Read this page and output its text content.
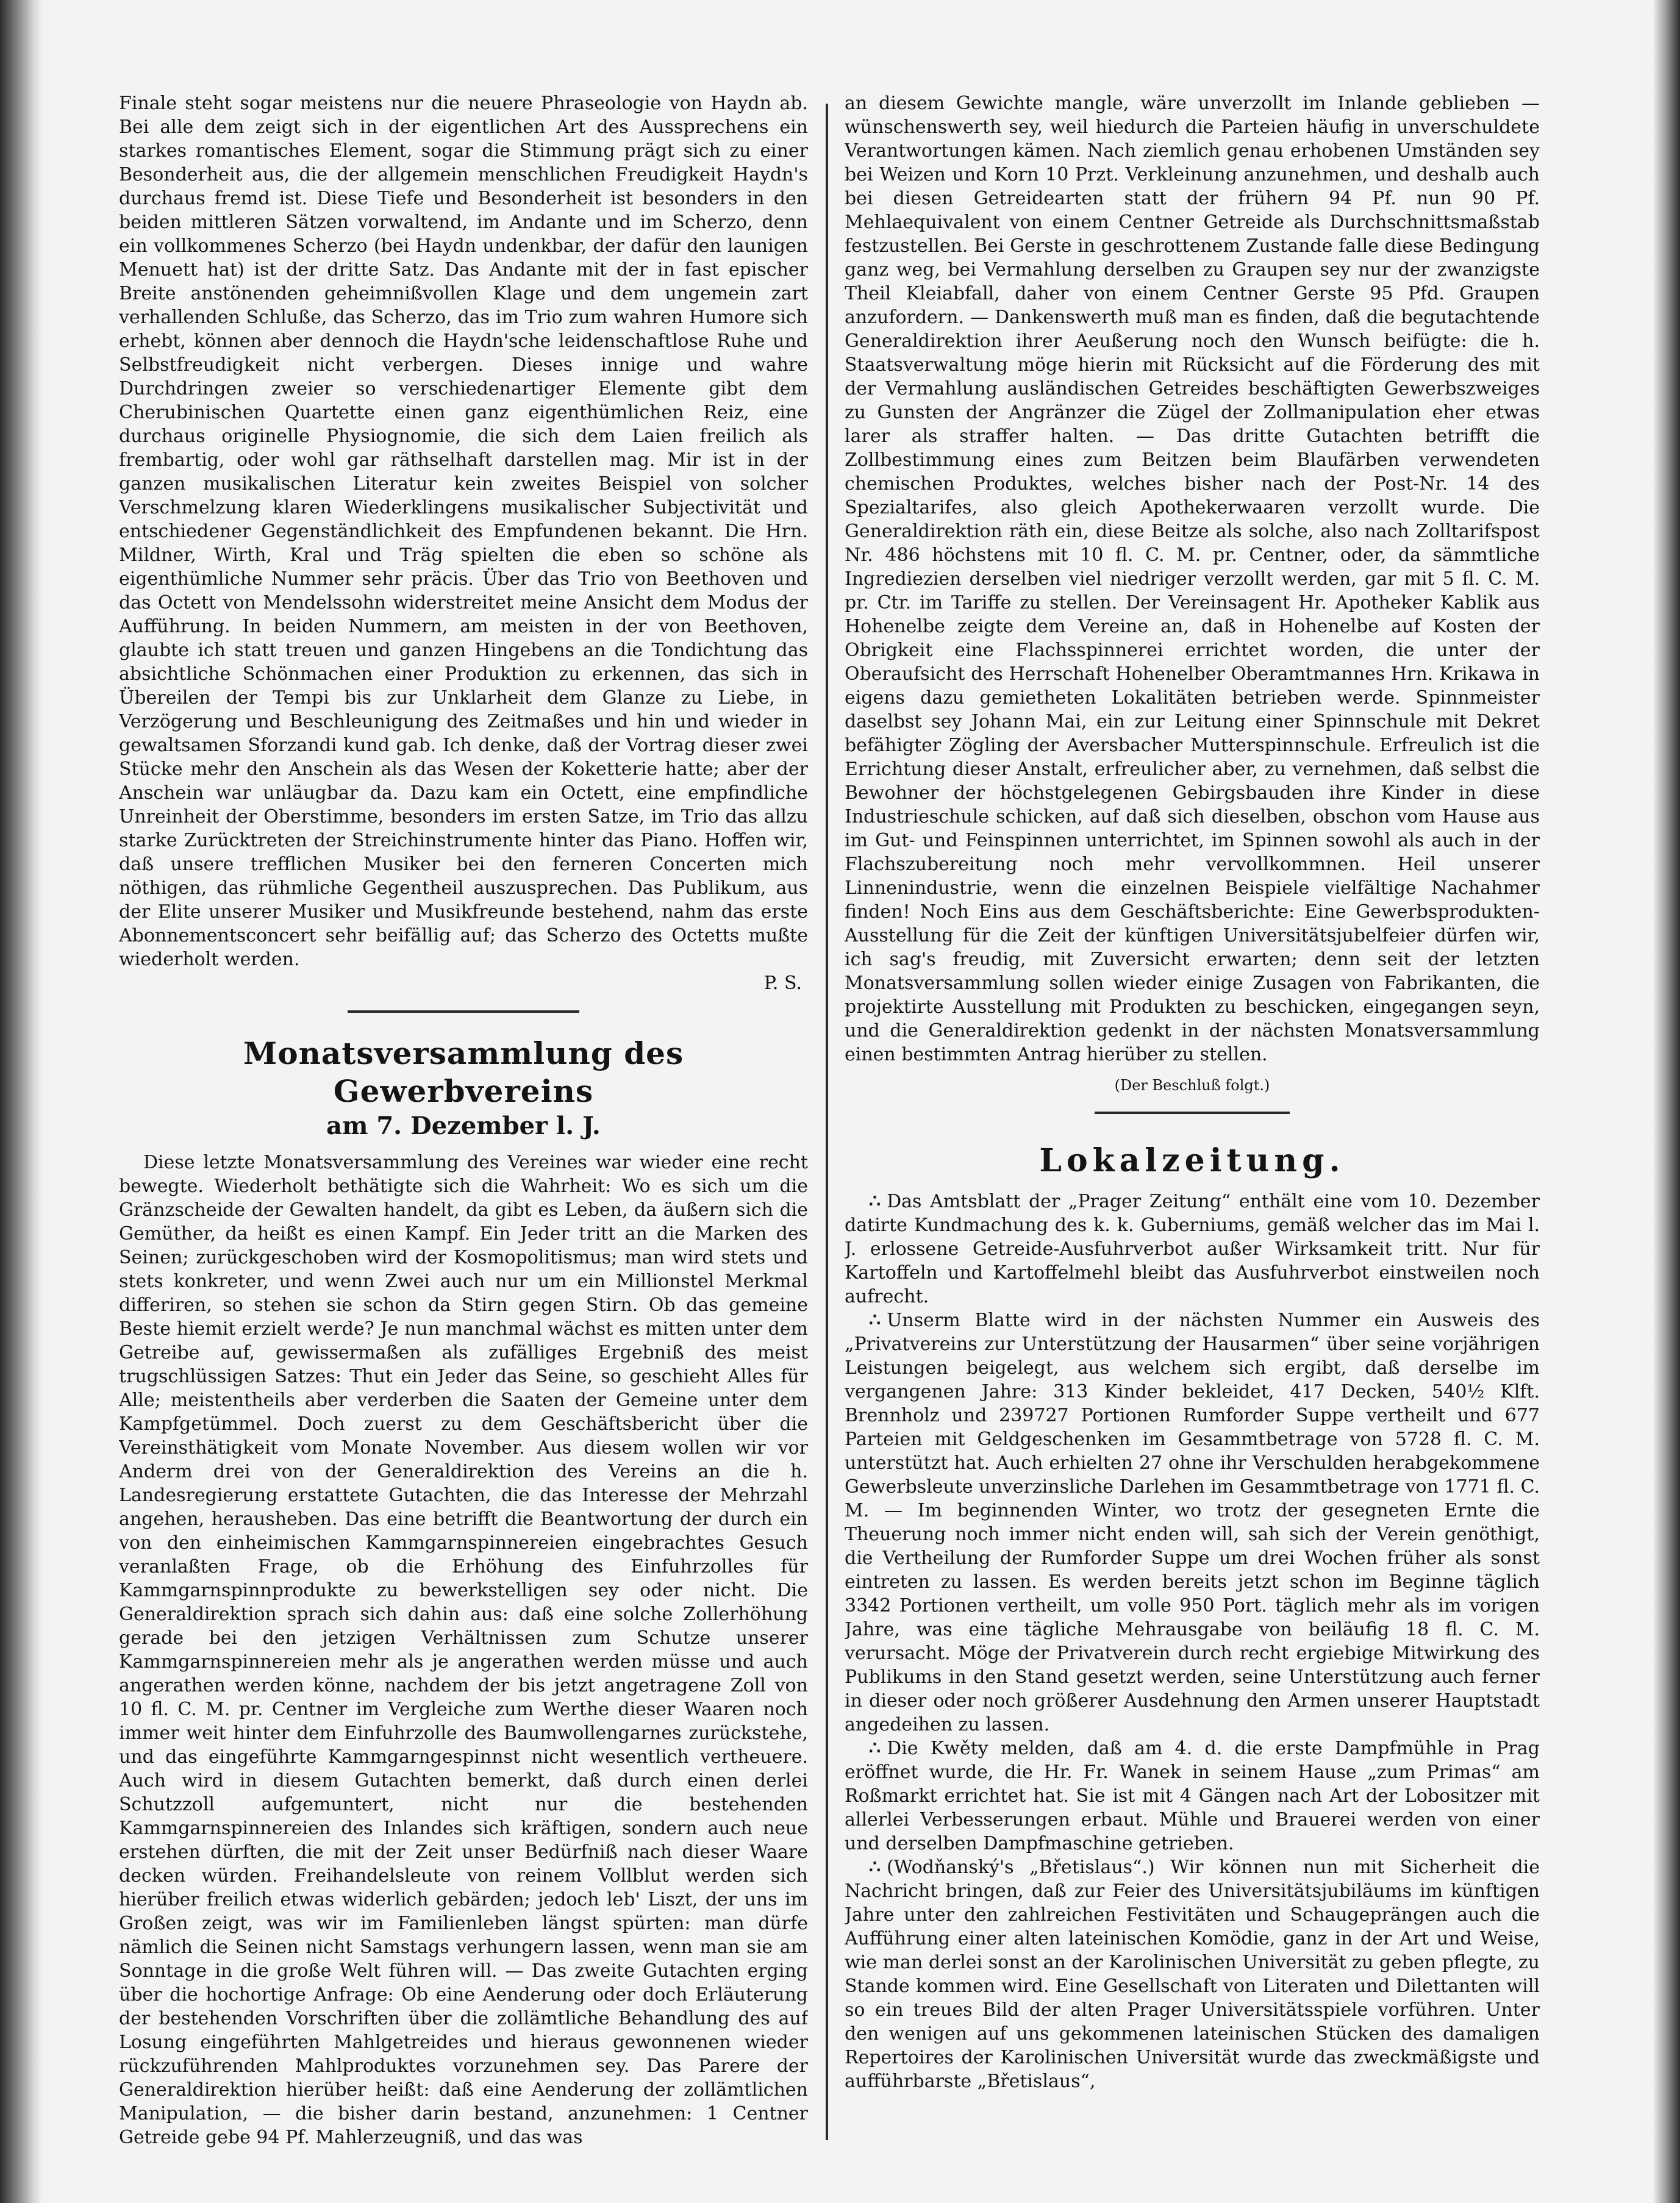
Finale steht sogar meistens nur die neuere Phraseologie von Haydn ab. Bei alle dem zeigt sich in der eigentlichen Art des Aussprechens ein starkes romantisches Element, sogar die Stimmung prägt sich zu einer Besonderheit aus, die der allgemein menschlichen Freudigkeit Haydn's durchaus fremd ist. Diese Tiefe und Besonderheit ist besonders in den beiden mittleren Sätzen vorwaltend, im Andante und im Scherzo, denn ein vollkommenes Scherzo (bei Haydn undenkbar, der dafür den launigen Menuett hat) ist der dritte Satz. Das Andante mit der in fast epischer Breite anstönenden geheimnißvollen Klage und dem ungemein zart verhallenden Schluße, das Scherzo, das im Trio zum wahren Humore sich erhebt, können aber dennoch die Haydn'sche leidenschaftlose Ruhe und Selbstfreudigkeit nicht verbergen. Dieses innige und wahre Durchdringen zweier so verschiedenartiger Elemente gibt dem Cherubinischen Quartette einen ganz eigenthümlichen Reiz, eine durchaus originelle Physiognomie, die sich dem Laien freilich als frembartig, oder wohl gar räthselhaft darstellen mag. Mir ist in der ganzen musikalischen Literatur kein zweites Beispiel von solcher Verschmelzung klaren Wiederklingens musikalischer Subjectivität und entschiedener Gegenständlichkeit des Empfundenen bekannt. Die Hrn. Mildner, Wirth, Kral und Träg spielten die eben so schöne als eigenthümliche Nummer sehr präcis. Über das Trio von Beethoven und das Octett von Mendelssohn widerstreitet meine Ansicht dem Modus der Aufführung. In beiden Nummern, am meisten in der von Beethoven, glaubte ich statt treuen und ganzen Hingebens an die Tondichtung das absichtliche Schönmachen einer Produktion zu erkennen, das sich in Übereilen der Tempi bis zur Unklarheit dem Glanze zu Liebe, in Verzögerung und Beschleunigung des Zeitmaßes und hin und wieder in gewaltsamen Sforzandi kund gab. Ich denke, daß der Vortrag dieser zwei Stücke mehr den Anschein als das Wesen der Koketterie hatte; aber der Anschein war unläugbar da. Dazu kam ein Octett, eine empfindliche Unreinheit der Oberstimme, besonders im ersten Satze, im Trio das allzu starke Zurücktreten der Streichinstrumente hinter das Piano. Hoffen wir, daß unsere trefflichen Musiker bei den ferneren Concerten mich nöthigen, das rühmliche Gegentheil auszusprechen. Das Publikum, aus der Elite unserer Musiker und Musikfreunde bestehend, nahm das erste Abonnementsconcert sehr beifällig auf; das Scherzo des Octetts mußte wiederholt werden.

P. S.
Monatsversammlung des Gewerbvereins
am 7. Dezember l. J.

Diese letzte Monatsversammlung des Vereines war wieder eine recht bewegte. Wiederholt bethätigte sich die Wahrheit: Wo es sich um die Gränzscheide der Gewalten handelt, da gibt es Leben, da äußern sich die Gemüther, da heißt es einen Kampf. Ein Jeder tritt an die Marken des Seinen; zurückgeschoben wird der Kosmopolitismus; man wird stets und stets konkreter, und wenn Zwei auch nur um ein Millionstel Merkmal differiren, so stehen sie schon da Stirn gegen Stirn. Ob das gemeine Beste hiemit erzielt werde? Je nun manchmal wächst es mitten unter dem Getreibe auf, gewissermaßen als zufälliges Ergebniß des meist trugschlüssigen Satzes: Thut ein Jeder das Seine, so geschieht Alles für Alle; meistentheils aber verderben die Saaten der Gemeine unter dem Kampfgetümmel. Doch zuerst zu dem Geschäftsbericht über die Vereinsthätigkeit vom Monate November. Aus diesem wollen wir vor Anderm drei von der Generaldirektion des Vereins an die h. Landesregierung erstattete Gutachten, die das Interesse der Mehrzahl angehen, herausheben. Das eine betrifft die Beantwortung der durch ein von den einheimischen Kammgarnspinnereien eingebrachtes Gesuch veranlaßten Frage, ob die Erhöhung des Einfuhrzolles für Kammgarnspinnprodukte zu bewerkstelligen sey oder nicht. Die Generaldirektion sprach sich dahin aus: daß eine solche Zollerhöhung gerade bei den jetzigen Verhältnissen zum Schutze unserer Kammgarnspinnereien mehr als je angerathen werden müsse und auch angerathen werden könne, nachdem der bis jetzt angetragene Zoll von 10 fl. C. M. pr. Centner im Vergleiche zum Werthe dieser Waaren noch immer weit hinter dem Einfuhrzolle des Baumwollengarnes zurückstehe, und das eingeführte Kammgarngespinnst nicht wesentlich vertheuere. Auch wird in diesem Gutachten bemerkt, daß durch einen derlei Schutzzoll aufgemuntert, nicht nur die bestehenden Kammgarnspinnereien des Inlandes sich kräftigen, sondern auch neue erstehen dürften, die mit der Zeit unser Bedürfniß nach dieser Waare decken würden. Freihandelsleute von reinem Vollblut werden sich hierüber freilich etwas widerlich gebärden; jedoch leb' Liszt, der uns im Großen zeigt, was wir im Familienleben längst spürten: man dürfe nämlich die Seinen nicht Samstags verhungern lassen, wenn man sie am Sonntage in die große Welt führen will. — Das zweite Gutachten erging über die hochortige Anfrage: Ob eine Aenderung oder doch Erläuterung der bestehenden Vorschriften über die zollämtliche Behandlung des auf Losung eingeführten Mahlgetreides und hieraus gewonnenen wieder rückzuführenden Mahlproduktes vorzunehmen sey. Das Parere der Generaldirektion hierüber heißt: daß eine Aenderung der zollämtlichen Manipulation, — die bisher darin bestand, anzunehmen: 1 Centner Getreide gebe 94 Pf. Mahlerzeugniß, und das was

an diesem Gewichte mangle, wäre unverzollt im Inlande geblieben — wünschenswerth sey, weil hiedurch die Parteien häufig in unverschuldete Verantwortungen kämen. Nach ziemlich genau erhobenen Umständen sey bei Weizen und Korn 10 Przt. Verkleinung anzunehmen, und deshalb auch bei diesen Getreidearten statt der frühern 94 Pf. nun 90 Pf. Mehlaequivalent von einem Centner Getreide als Durchschnittsmaßstab festzustellen. Bei Gerste in geschrottenem Zustande falle diese Bedingung ganz weg, bei Vermahlung derselben zu Graupen sey nur der zwanzigste Theil Kleiabfall, daher von einem Centner Gerste 95 Pfd. Graupen anzufordern. — Dankenswerth muß man es finden, daß die begutachtende Generaldirektion ihrer Aeußerung noch den Wunsch beifügte: die h. Staatsverwaltung möge hierin mit Rücksicht auf die Förderung des mit der Vermahlung ausländischen Getreides beschäftigten Gewerbszweiges zu Gunsten der Angränzer die Zügel der Zollmanipulation eher etwas larer als straffer halten. — Das dritte Gutachten betrifft die Zollbestimmung eines zum Beitzen beim Blaufärben verwendeten chemischen Produktes, welches bisher nach der Post-Nr. 14 des Spezialtarifes, also gleich Apothekerwaaren verzollt wurde. Die Generaldirektion räth ein, diese Beitze als solche, also nach Zolltarifspost Nr. 486 höchstens mit 10 fl. C. M. pr. Centner, oder, da sämmtliche Ingrediezien derselben viel niedriger verzollt werden, gar mit 5 fl. C. M. pr. Ctr. im Tariffe zu stellen. Der Vereinsagent Hr. Apotheker Kablik aus Hohenelbe zeigte dem Vereine an, daß in Hohenelbe auf Kosten der Obrigkeit eine Flachsspinnerei errichtet worden, die unter der Oberaufsicht des Herrschaft Hohenelber Oberamtmannes Hrn. Krikawa in eigens dazu gemietheten Lokalitäten betrieben werde. Spinnmeister daselbst sey Johann Mai, ein zur Leitung einer Spinnschule mit Dekret befähigter Zögling der Aversbacher Mutterspinnschule. Erfreulich ist die Errichtung dieser Anstalt, erfreulicher aber, zu vernehmen, daß selbst die Bewohner der höchstgelegenen Gebirgsbauden ihre Kinder in diese Industrieschule schicken, auf daß sich dieselben, obschon vom Hause aus im Gut- und Feinspinnen unterrichtet, im Spinnen sowohl als auch in der Flachszubereitung noch mehr vervollkommnen. Heil unserer Linnenindustrie, wenn die einzelnen Beispiele vielfältige Nachahmer finden! Noch Eins aus dem Geschäftsberichte: Eine Gewerbsprodukten-Ausstellung für die Zeit der künftigen Universitätsjubelfeier dürfen wir, ich sag's freudig, mit Zuversicht erwarten; denn seit der letzten Monatsversammlung sollen wieder einige Zusagen von Fabrikanten, die projektirte Ausstellung mit Produkten zu beschicken, eingegangen seyn, und die Generaldirektion gedenkt in der nächsten Monatsversammlung einen bestimmten Antrag hierüber zu stellen.

(Der Beschluß folgt.)
Lokalzeitung.

∴ Das Amtsblatt der „Prager Zeitung“ enthält eine vom 10. Dezember datirte Kundmachung des k. k. Guberniums, gemäß welcher das im Mai l. J. erlossene Getreide-Ausfuhrverbot außer Wirksamkeit tritt. Nur für Kartoffeln und Kartoffelmehl bleibt das Ausfuhrverbot einstweilen noch aufrecht.

∴ Unserm Blatte wird in der nächsten Nummer ein Ausweis des „Privatvereins zur Unterstützung der Hausarmen“ über seine vorjährigen Leistungen beigelegt, aus welchem sich ergibt, daß derselbe im vergangenen Jahre: 313 Kinder bekleidet, 417 Decken, 540½ Klft. Brennholz und 239727 Portionen Rumforder Suppe vertheilt und 677 Parteien mit Geldgeschenken im Gesammtbetrage von 5728 fl. C. M. unterstützt hat. Auch erhielten 27 ohne ihr Verschulden herabgekommene Gewerbsleute unverzinsliche Darlehen im Gesammtbetrage von 1771 fl. C. M. — Im beginnenden Winter, wo trotz der gesegneten Ernte die Theuerung noch immer nicht enden will, sah sich der Verein genöthigt, die Vertheilung der Rumforder Suppe um drei Wochen früher als sonst eintreten zu lassen. Es werden bereits jetzt schon im Beginne täglich 3342 Portionen vertheilt, um volle 950 Port. täglich mehr als im vorigen Jahre, was eine tägliche Mehrausgabe von beiläufig 18 fl. C. M. verursacht. Möge der Privatverein durch recht ergiebige Mitwirkung des Publikums in den Stand gesetzt werden, seine Unterstützung auch ferner in dieser oder noch größerer Ausdehnung den Armen unserer Hauptstadt angedeihen zu lassen.

∴ Die Kwěty melden, daß am 4. d. die erste Dampfmühle in Prag eröffnet wurde, die Hr. Fr. Wanek in seinem Hause „zum Primas“ am Roßmarkt errichtet hat. Sie ist mit 4 Gängen nach Art der Lobositzer mit allerlei Verbesserungen erbaut. Mühle und Brauerei werden von einer und derselben Dampfmaschine getrieben.

∴ (Wodňanský's „Břetislaus“.) Wir können nun mit Sicherheit die Nachricht bringen, daß zur Feier des Universitätsjubiläums im künftigen Jahre unter den zahlreichen Festivitäten und Schaugeprängen auch die Aufführung einer alten lateinischen Komödie, ganz in der Art und Weise, wie man derlei sonst an der Karolinischen Universität zu geben pflegte, zu Stande kommen wird. Eine Gesellschaft von Literaten und Dilettanten will so ein treues Bild der alten Prager Universitätsspiele vorführen. Unter den wenigen auf uns gekommenen lateinischen Stücken des damaligen Repertoires der Karolinischen Universität wurde das zweckmäßigste und aufführbarste „Břetislaus“,
